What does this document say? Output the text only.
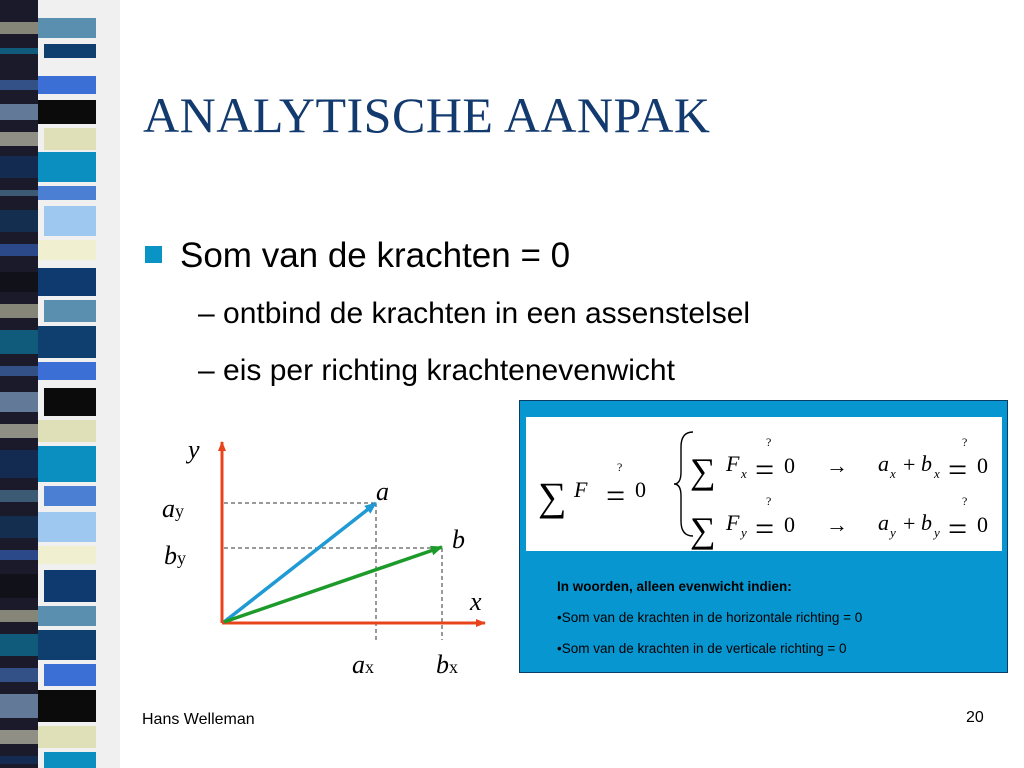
ANALYTISCHE AANPAK
Som van de krachten = 0
– ontbind de krachten in een assenstelsel
– eis per richting krachtenevenwicht
y
x
a
b
ay
by
ax bx
∑ F
?
= 0 ∑ F x
?
= 0 → a x + b x
?
= 0
∑ F y
?
= 0 → a y + b y
?
= 0
In woorden, alleen evenwicht indien:
•Som van de krachten in de horizontale richting = 0
•Som van de krachten in de verticale richting = 0
Hans Welleman	20
